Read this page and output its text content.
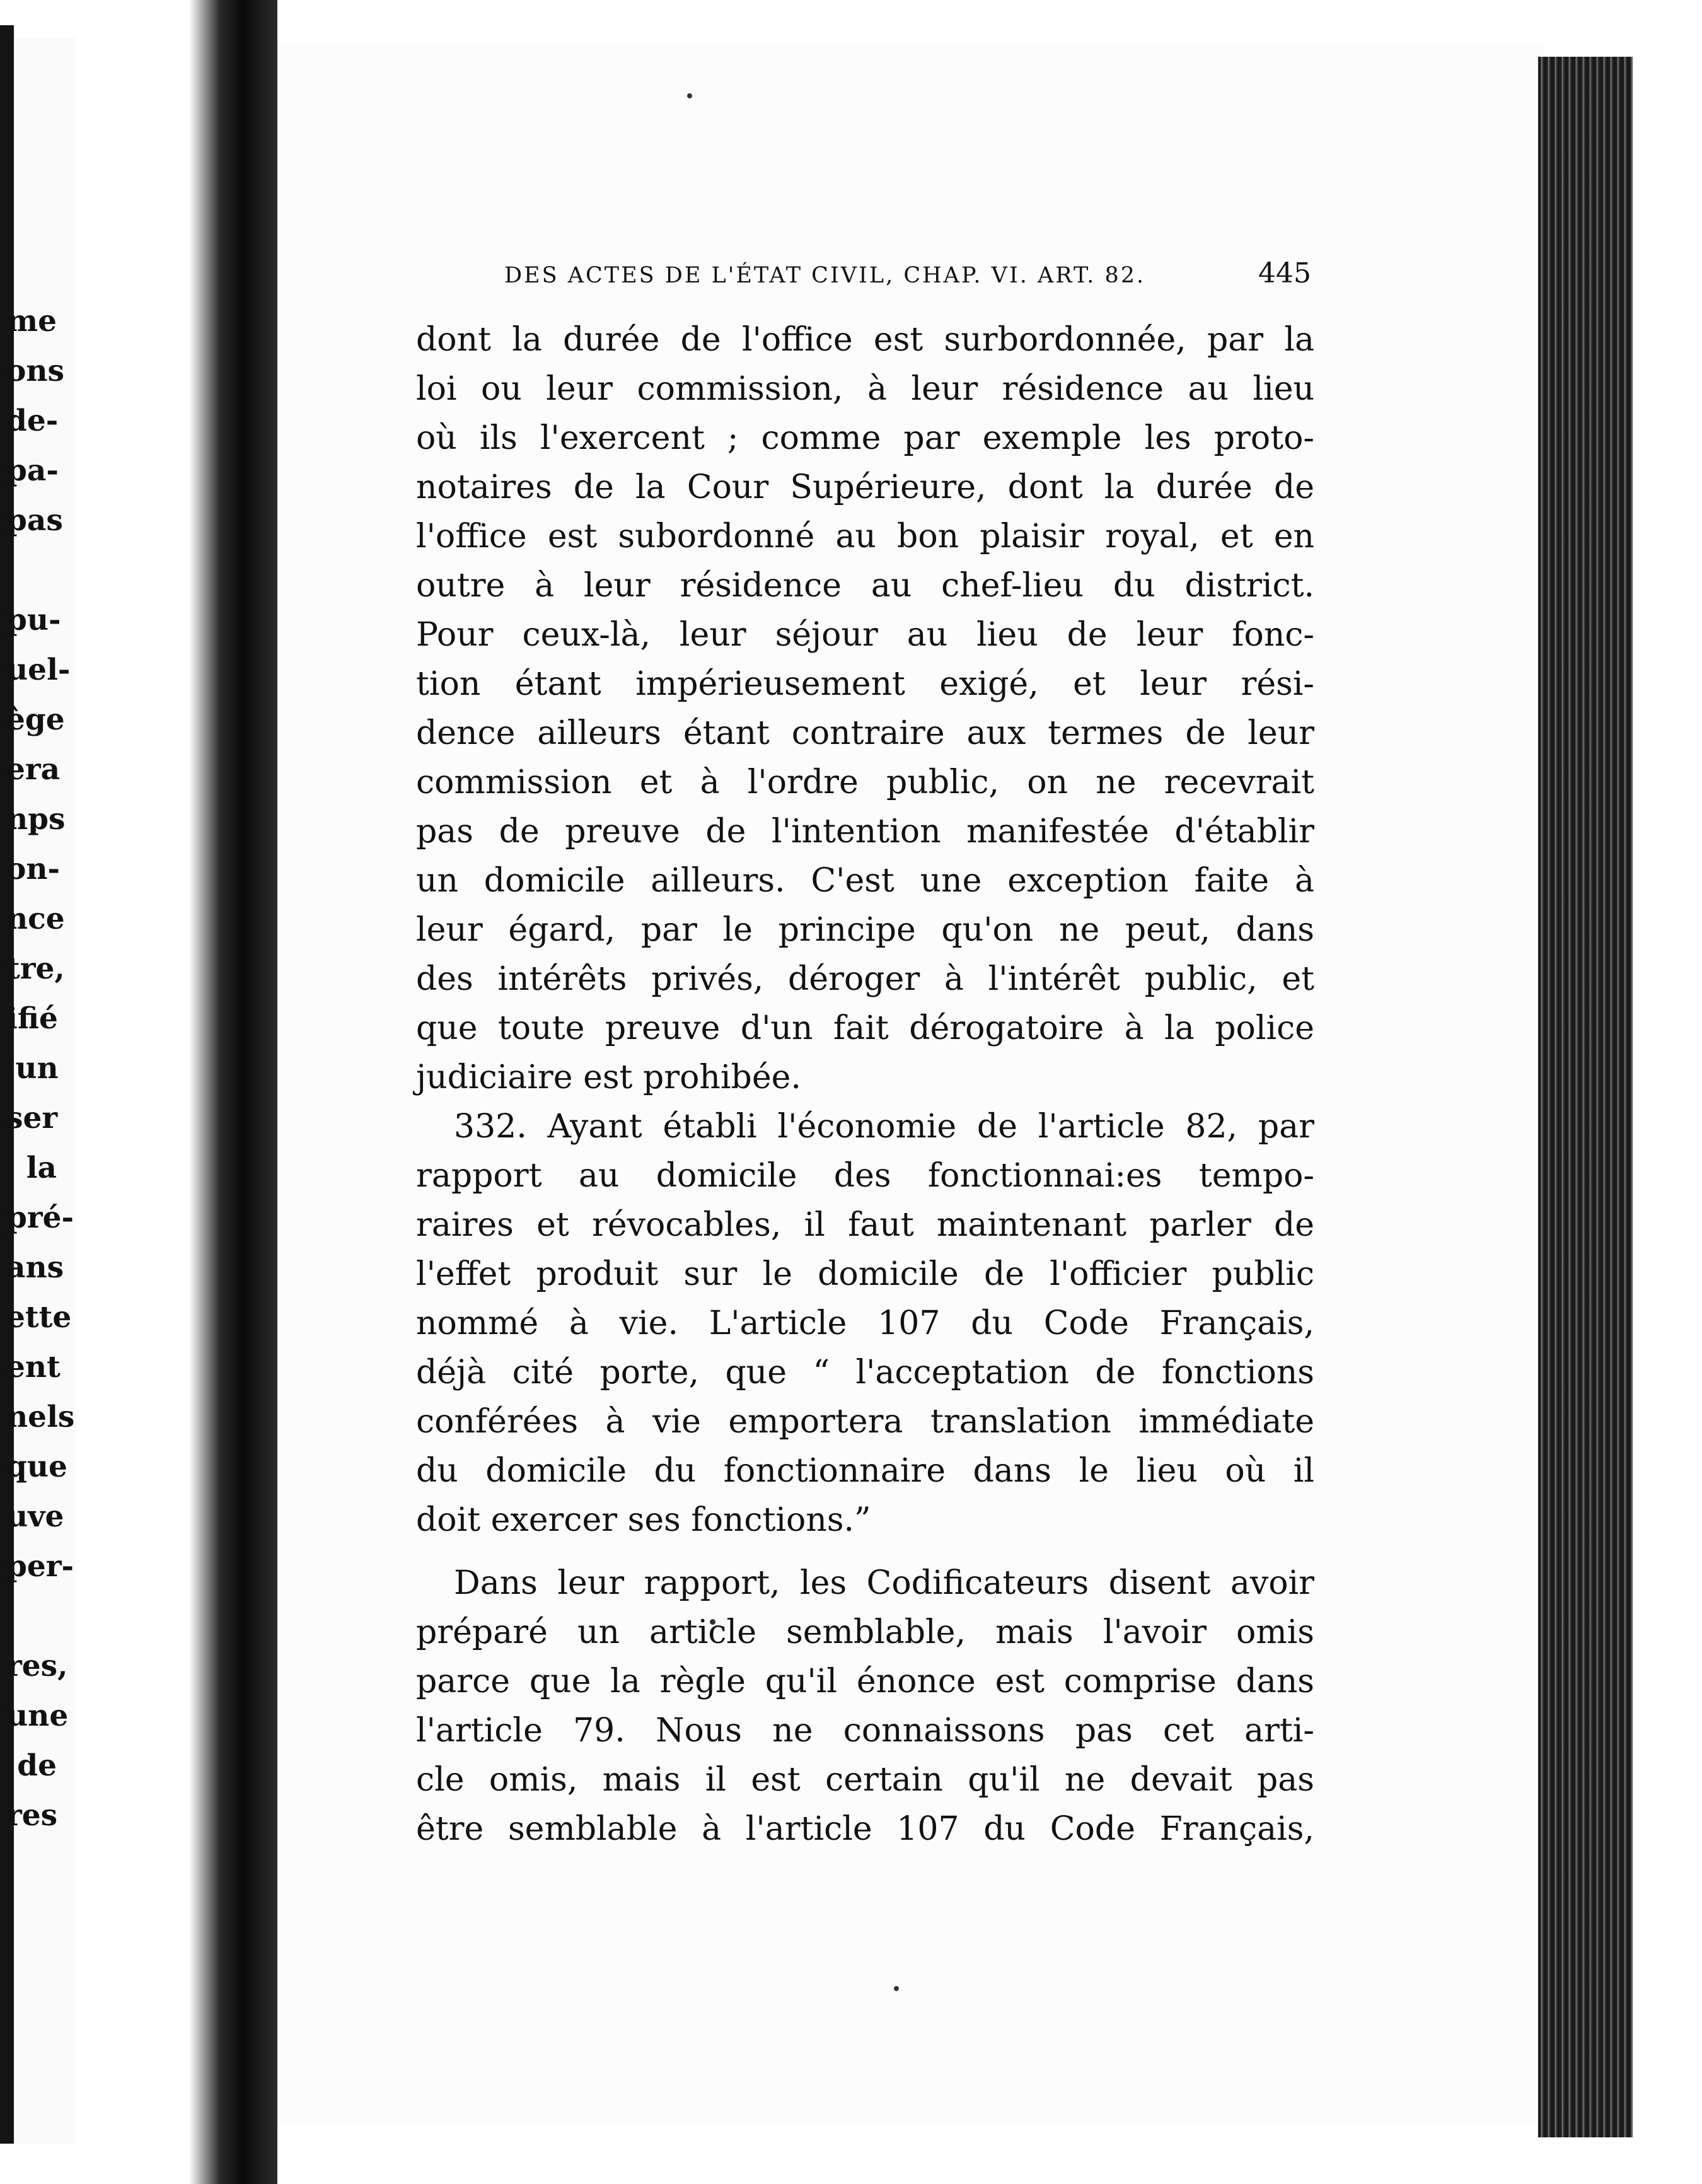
me
ons
de-
pa-
pas
pu-
uel-
ège
era
nps
on-
nce
tre,
ifié
'un
ser
la
pré-
ans
ette
ent
nels
que
uve
per-
res,
une
de
res
DES ACTES DE L'ÉTAT CIVIL, CHAP. VI. ART. 82.	445
dont la durée de l'office est surbordonnée, par la
loi ou leur commission, à leur résidence au lieu
où ils l'exercent ; comme par exemple les proto-
notaires de la Cour Supérieure, dont la durée de
l'office est subordonné au bon plaisir royal, et en
outre à leur résidence au chef-lieu du district.
Pour ceux-là, leur séjour au lieu de leur fonc-
tion étant impérieusement exigé, et leur rési-
dence ailleurs étant contraire aux termes de leur
commission et à l'ordre public, on ne recevrait
pas de preuve de l'intention manifestée d'établir
un domicile ailleurs. C'est une exception faite à
leur égard, par le principe qu'on ne peut, dans
des intérêts privés, déroger à l'intérêt public, et
que toute preuve d'un fait dérogatoire à la police
judiciaire est prohibée.
332. Ayant établi l'économie de l'article 82, par
rapport au domicile des fonctionnai:es tempo-
raires et révocables, il faut maintenant parler de
l'effet produit sur le domicile de l'officier public
nommé à vie. L'article 107 du Code Français,
déjà cité porte, que “ l'acceptation de fonctions
conférées à vie emportera translation immédiate
du domicile du fonctionnaire dans le lieu où il
doit exercer ses fonctions.”
Dans leur rapport, les Codificateurs disent avoir
préparé un article semblable, mais l'avoir omis
parce que la règle qu'il énonce est comprise dans
l'article 79. Nous ne connaissons pas cet arti-
cle omis, mais il est certain qu'il ne devait pas
être semblable à l'article 107 du Code Français,
